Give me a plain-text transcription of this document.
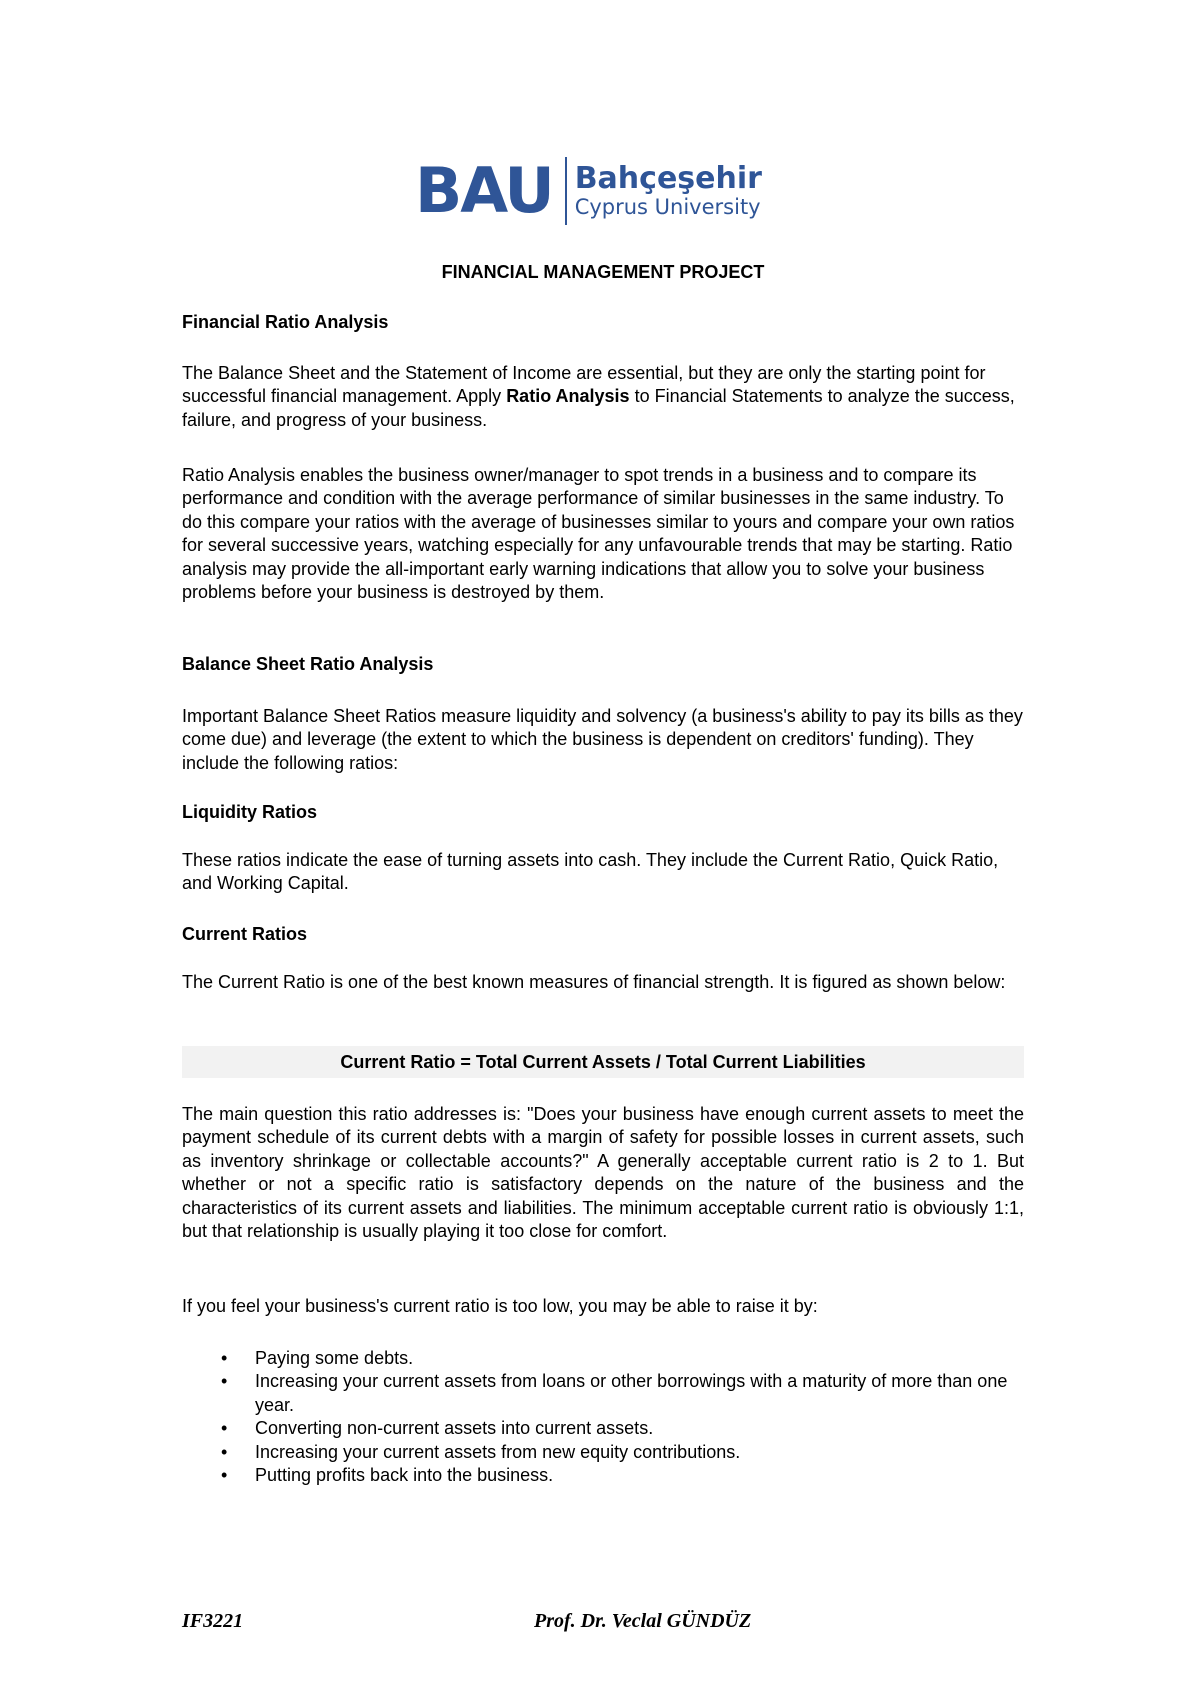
BAU Bahçeşehir
Cyprus University
FINANCIAL MANAGEMENT PROJECT
Financial Ratio Analysis

The Balance Sheet and the Statement of Income are essential, but they are only the starting point for successful financial management. Apply Ratio Analysis to Financial Statements to analyze the success, failure, and progress of your business.

Ratio Analysis enables the business owner/manager to spot trends in a business and to compare its performance and condition with the average performance of similar businesses in the same industry. To do this compare your ratios with the average of businesses similar to yours and compare your own ratios for several successive years, watching especially for any unfavourable trends that may be starting. Ratio analysis may provide the all-important early warning indications that allow you to solve your business problems before your business is destroyed by them.

Balance Sheet Ratio Analysis

Important Balance Sheet Ratios measure liquidity and solvency (a business's ability to pay its bills as they come due) and leverage (the extent to which the business is dependent on creditors' funding). They include the following ratios:

Liquidity Ratios

These ratios indicate the ease of turning assets into cash. They include the Current Ratio, Quick Ratio, and Working Capital.

Current Ratios

The Current Ratio is one of the best known measures of financial strength. It is figured as shown below:

Current Ratio = Total Current Assets / Total Current Liabilities

The main question this ratio addresses is: "Does your business have enough current assets to meet the payment schedule of its current debts with a margin of safety for possible losses in current assets, such as inventory shrinkage or collectable accounts?" A generally acceptable current ratio is 2 to 1. But whether or not a specific ratio is satisfactory depends on the nature of the business and the characteristics of its current assets and liabilities. The minimum acceptable current ratio is obviously 1:1, but that relationship is usually playing it too close for comfort.

If you feel your business's current ratio is too low, you may be able to raise it by:

• Paying some debts.
• Increasing your current assets from loans or other borrowings with a maturity of more than one year.
• Converting non-current assets into current assets.
• Increasing your current assets from new equity contributions.
• Putting profits back into the business.
IF3221	Prof. Dr. Veclal GÜNDÜZ
